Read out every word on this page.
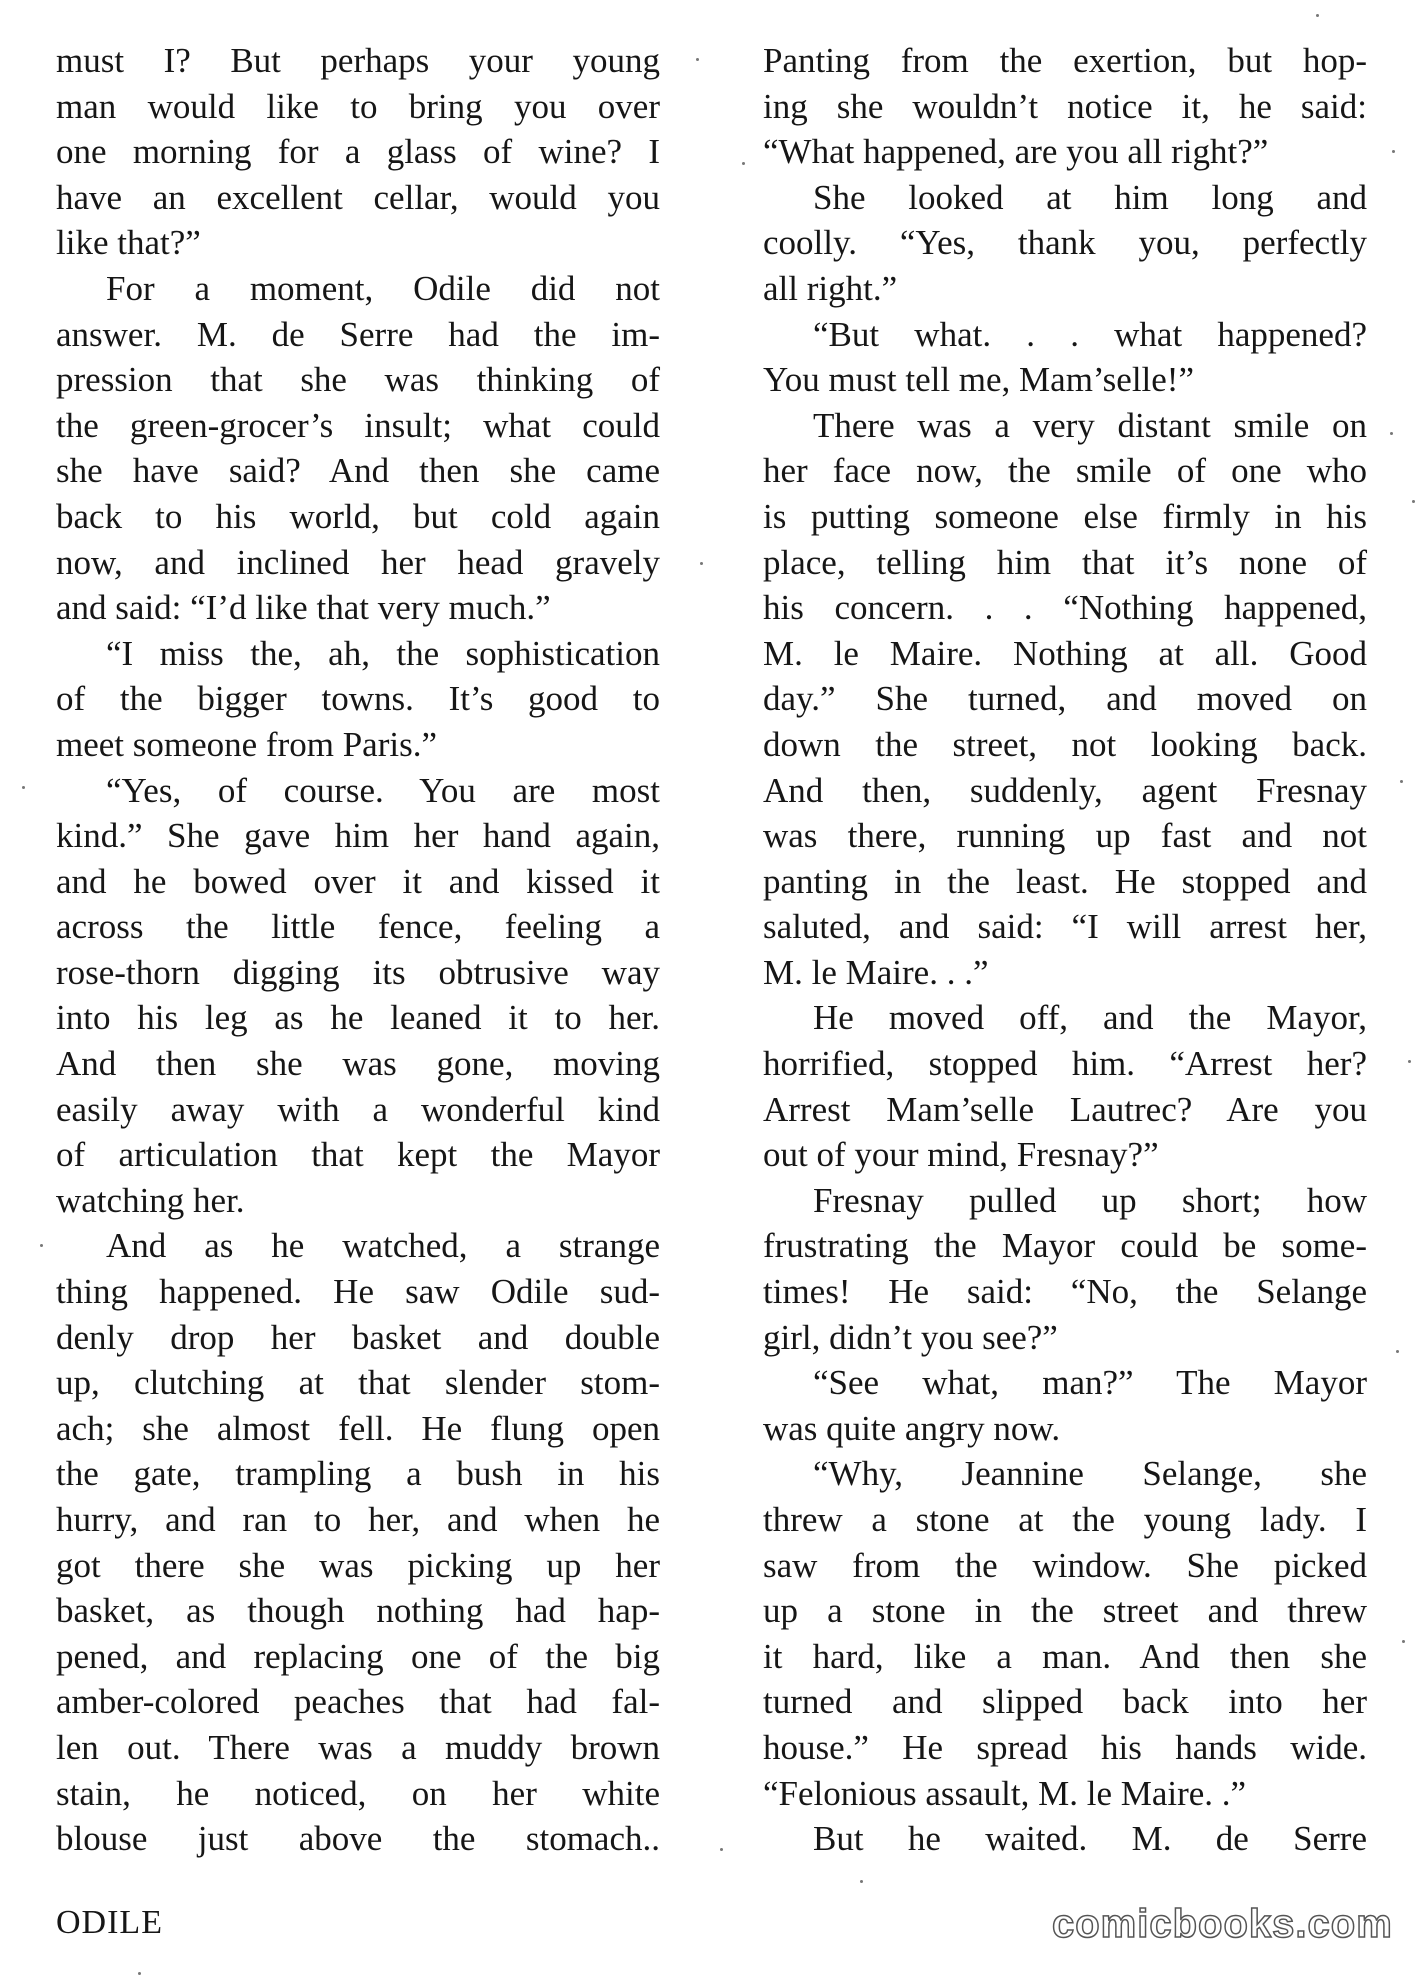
must I? But perhaps your young
man would like to bring you over
one morning for a glass of wine? I
have an excellent cellar, would you
like that?”
For a moment, Odile did not
answer. M. de Serre had the im-
pression that she was thinking of
the green-grocer’s insult; what could
she have said? And then she came
back to his world, but cold again
now, and inclined her head gravely
and said: “I’d like that very much.”
“I miss the, ah, the sophistication
of the bigger towns. It’s good to
meet someone from Paris.”
“Yes, of course. You are most
kind.” She gave him her hand again,
and he bowed over it and kissed it
across the little fence, feeling a
rose-thorn digging its obtrusive way
into his leg as he leaned it to her.
And then she was gone, moving
easily away with a wonderful kind
of articulation that kept the Mayor
watching her.
And as he watched, a strange
thing happened. He saw Odile sud-
denly drop her basket and double
up, clutching at that slender stom-
ach; she almost fell. He flung open
the gate, trampling a bush in his
hurry, and ran to her, and when he
got there she was picking up her
basket, as though nothing had hap-
pened, and replacing one of the big
amber-colored peaches that had fal-
len out. There was a muddy brown
stain, he noticed, on her white
blouse just above the stomach..
Panting from the exertion, but hop-
ing she wouldn’t notice it, he said:
“What happened, are you all right?”
She looked at him long and
coolly. “Yes, thank you, perfectly
all right.”
“But what. . . what happened?
You must tell me, Mam’selle!”
There was a very distant smile on
her face now, the smile of one who
is putting someone else firmly in his
place, telling him that it’s none of
his concern. . . “Nothing happened,
M. le Maire. Nothing at all. Good
day.” She turned, and moved on
down the street, not looking back.
And then, suddenly, agent Fresnay
was there, running up fast and not
panting in the least. He stopped and
saluted, and said: “I will arrest her,
M. le Maire. . .”
He moved off, and the Mayor,
horrified, stopped him. “Arrest her?
Arrest Mam’selle Lautrec? Are you
out of your mind, Fresnay?”
Fresnay pulled up short; how
frustrating the Mayor could be some-
times! He said: “No, the Selange
girl, didn’t you see?”
“See what, man?” The Mayor
was quite angry now.
“Why, Jeannine Selange, she
threw a stone at the young lady. I
saw from the window. She picked
up a stone in the street and threw
it hard, like a man. And then she
turned and slipped back into her
house.” He spread his hands wide.
“Felonious assault, M. le Maire. .”
But he waited. M. de Serre
ODILE	comicbooks.com
